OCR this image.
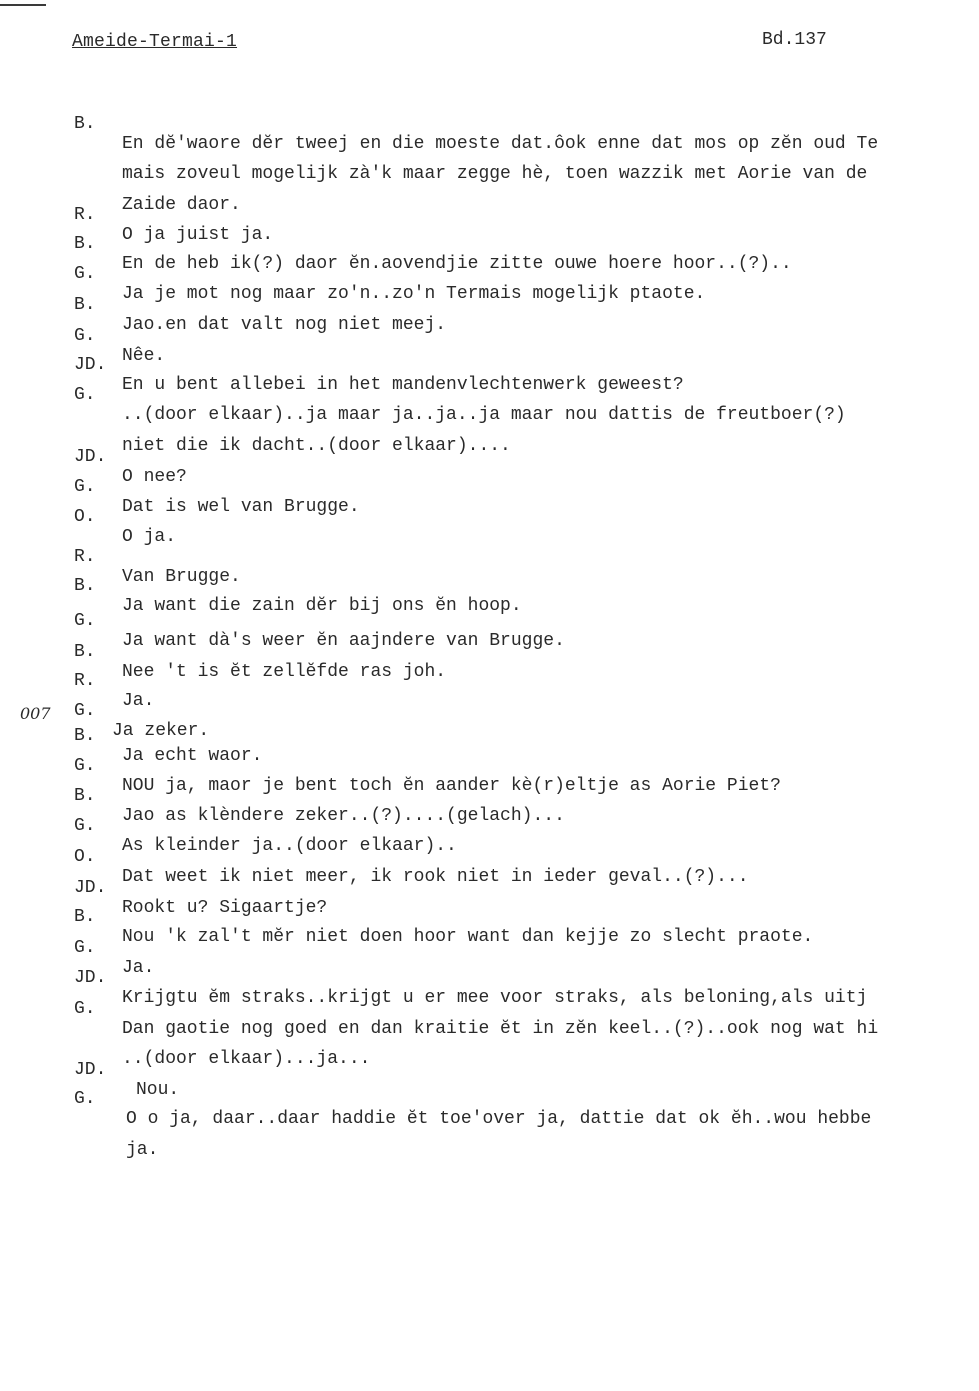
Ameide-Termai-1	Bd.137
007

B.

En dĕ'waore dĕr tweej en die moeste dat.ôok enne dat mos op zĕn oud Te

mais zoveul mogelijk zà'k maar zegge hè, toen wazzik met Aorie van de

Zaide daor.

R.

O ja juist ja.

B.

En de heb ik(?) daor ĕn.aovendjie zitte ouwe hoere hoor..(?)..

G.

Ja je mot nog maar zo'n..zo'n Termais mogelijk ptaote.

B.

Jao.en dat valt nog niet meej.

G.

Nêe.

JD.

En u bent allebei in het mandenvlechtenwerk geweest?

G.

..(door elkaar)..ja maar ja..ja..ja maar nou dattis de freutboer(?)

niet die ik dacht..(door elkaar)....

JD.

O nee?

G.

Dat is wel van Brugge.

O.

O ja.

R.

Van Brugge.

B.

Ja want die zain dĕr bij ons ĕn hoop.

G.

Ja want dà's weer ĕn aajndere van Brugge.

B.

Nee 't is ĕt zellĕfde ras joh.

R.

Ja.

G.

Ja zeker.

B.

Ja echt waor.

G.

NOU ja, maor je bent toch ĕn aander kè(r)eltje as Aorie Piet?

B.

Jao as klèndere zeker..(?)....(gelach)...

G.

As kleinder ja..(door elkaar)..

O.

Dat weet ik niet meer, ik rook niet in ieder geval..(?)...

JD.

Rookt u? Sigaartje?

B.

Nou 'k zal't mĕr niet doen hoor want dan kejje zo slecht praote.

G.

Ja.

JD.

Krijgtu ĕm straks..krijgt u er mee voor straks, als beloning,als uitj

G.

Dan gaotie nog goed en dan kraitie ĕt in zĕn keel..(?)..ook nog wat hi

..(door elkaar)...ja...

JD.

Nou.

G.

O o ja, daar..daar haddie ĕt toe'over ja, dattie dat ok ĕh..wou hebbe

ja.
